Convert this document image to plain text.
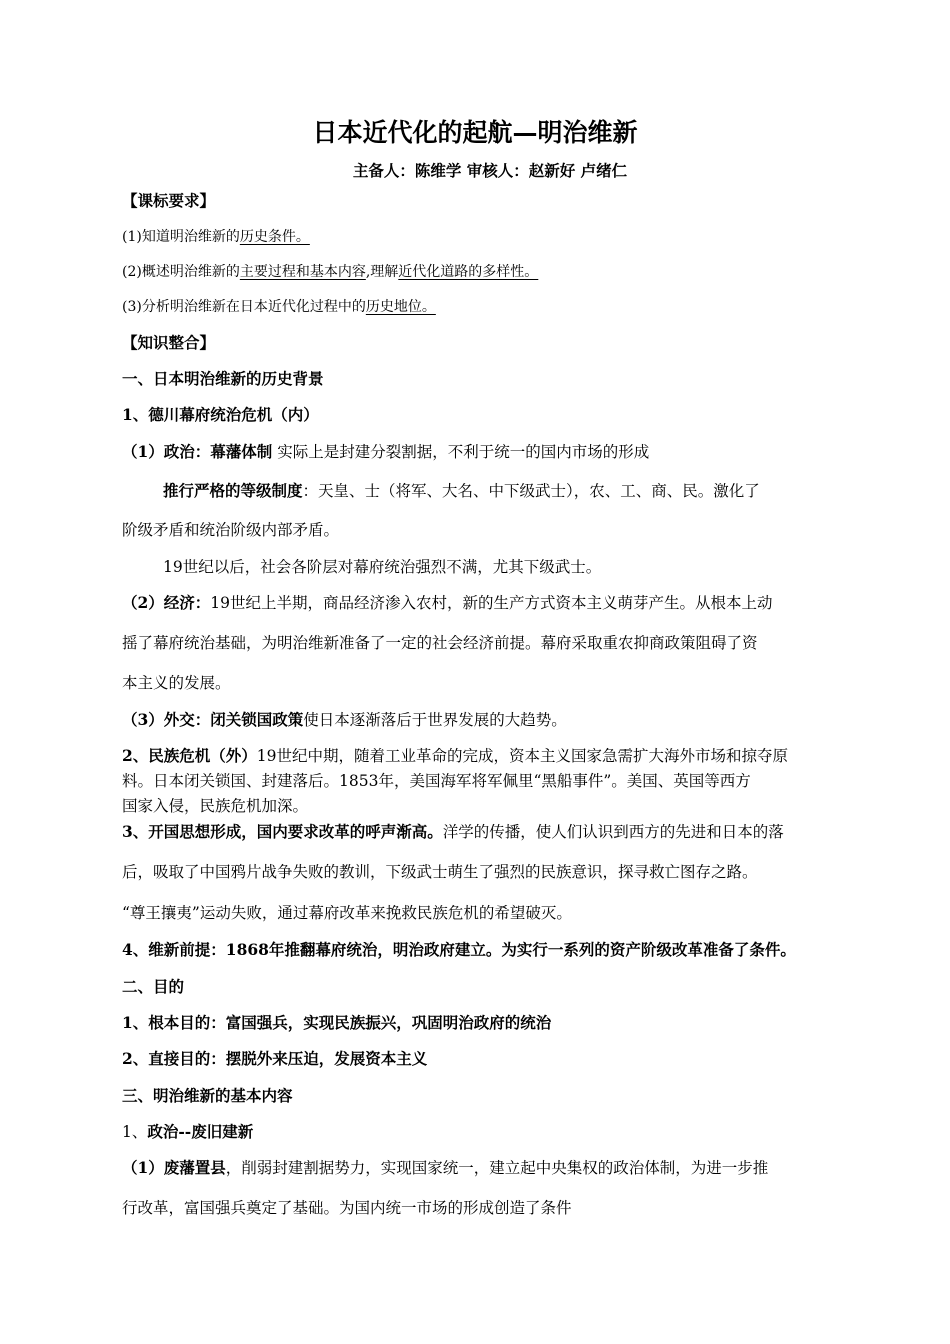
日本近代化的起航—明治维新
主备人：陈维学 审核人：赵新好 卢绪仁
【课标要求】
(1)知道明治维新的历史条件。
(2)概述明治维新的主要过程和基本内容,理解近代化道路的多样性。
(3)分析明治维新在日本近代化过程中的历史地位。
【知识整合】
一、日本明治维新的历史背景
1、德川幕府统治危机（内）
（1）政治：幕藩体制 实际上是封建分裂割据，不利于统一的国内市场的形成
推行严格的等级制度：天皇、士（将军、大名、中下级武士），农、工、商、民。激化了
阶级矛盾和统治阶级内部矛盾。
19世纪以后，社会各阶层对幕府统治强烈不满，尤其下级武士。
（2）经济：19世纪上半期，商品经济渗入农村，新的生产方式资本主义萌芽产生。从根本上动
摇了幕府统治基础，为明治维新准备了一定的社会经济前提。幕府采取重农抑商政策阻碍了资
本主义的发展。
（3）外交：闭关锁国政策使日本逐渐落后于世界发展的大趋势。
2、民族危机（外）19世纪中期，随着工业革命的完成，资本主义国家急需扩大海外市场和掠夺原
料。日本闭关锁国、封建落后。1853年，美国海军将军佩里“黑船事件”。美国、英国等西方
国家入侵，民族危机加深。
3、开国思想形成，国内要求改革的呼声渐高。洋学的传播，使人们认识到西方的先进和日本的落
后，吸取了中国鸦片战争失败的教训，下级武士萌生了强烈的民族意识，探寻救亡图存之路。
“尊王攘夷”运动失败，通过幕府改革来挽救民族危机的希望破灭。
4、维新前提：1868年推翻幕府统治，明治政府建立。为实行一系列的资产阶级改革准备了条件。
二、目的
1、根本目的：富国强兵，实现民族振兴，巩固明治政府的统治
2、直接目的：摆脱外来压迫，发展资本主义
三、明治维新的基本内容
1、政治--废旧建新
（1）废藩置县，削弱封建割据势力，实现国家统一，建立起中央集权的政治体制，为进一步推
行改革，富国强兵奠定了基础。为国内统一市场的形成创造了条件
